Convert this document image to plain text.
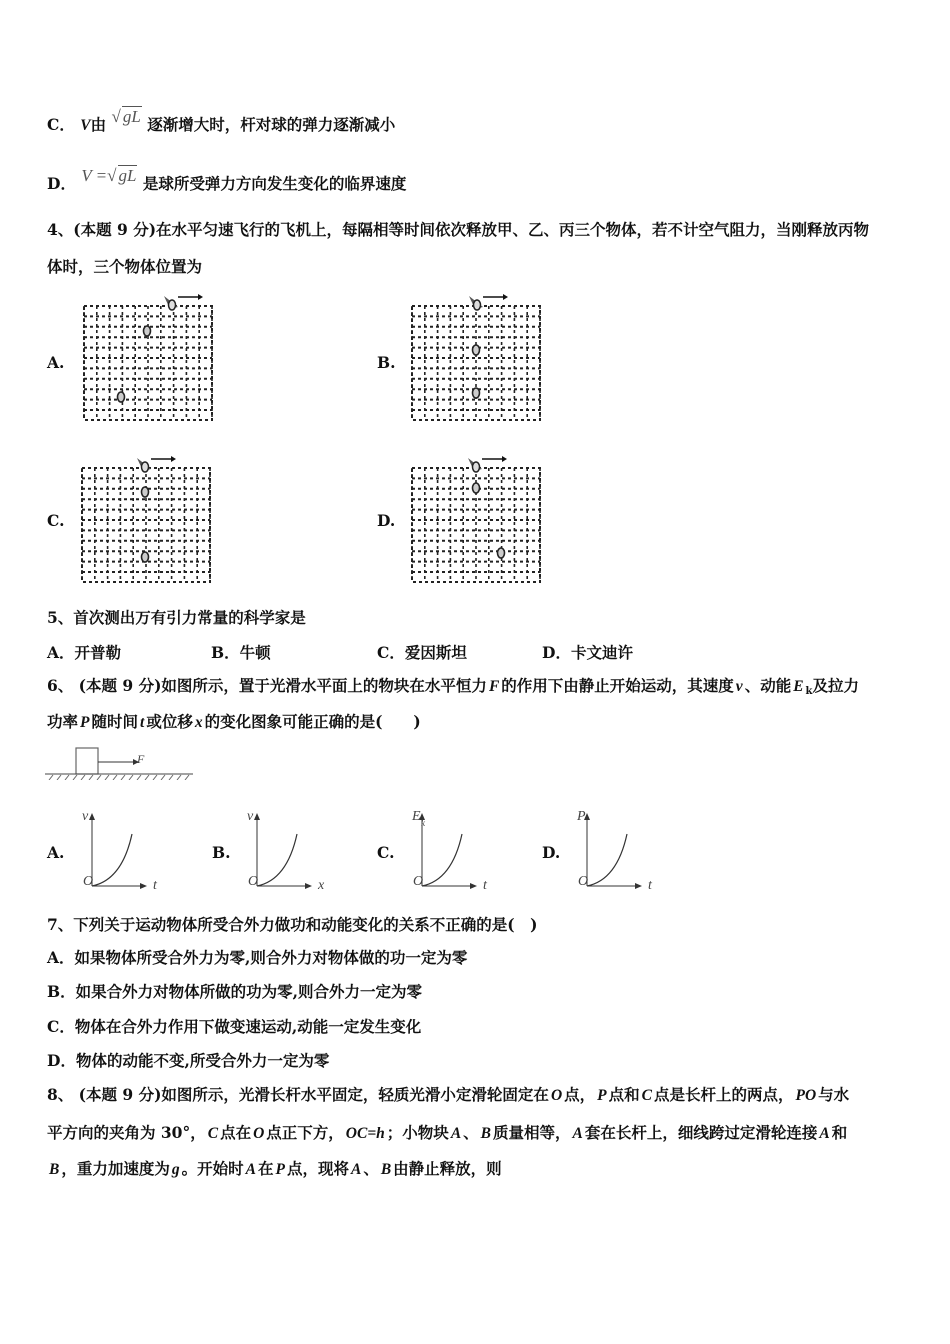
C． V由 √ gL 逐渐增大时，杆对球的弹力逐渐减小
D． V =√ gL 是球所受弹力方向发生变化的临界速度
4、(本题 9 分)在水平匀速飞行的飞机上，每隔相等时间依次释放甲、乙、丙三个物体，若不计空气阻力，当刚释放丙物
体时，三个物体位置为
A.	B.
C.	D.
5、首次测出万有引力常量的科学家是
A．开普勒	B．牛顿	C．爱因斯坦	D．卡文迪许
6、 (本题 9 分)如图所示，置于光滑水平面上的物块在水平恒力 F 的作用下由静止开始运动，其速度 v 、动能 E $_k$及拉力
功率 P 随时间 t 或位移 x 的变化图象可能正确的是(　　)
F
A.
v
O	t
B.
v
O	x
C.
E k
O	t
D.
P
O	t
7、下列关于运动物体所受合外力做功和动能变化的关系不正确的是(　)
A．如果物体所受合外力为零,则合外力对物体做的功一定为零
B．如果合外力对物体所做的功为零,则合外力一定为零
C．物体在合外力作用下做变速运动,动能一定发生变化
D．物体的动能不变,所受合外力一定为零
8、 (本题 9 分)如图所示，光滑长杆水平固定，轻质光滑小定滑轮固定在 O 点， P 点和 C 点是长杆上的两点， PO 与水
平方向的夹角为 30°， C 点在 O 点正下方， OC=h ；小物块 A 、 B 质量相等， A 套在长杆上，细线跨过定滑轮连接 A 和
B ，重力加速度为 g 。开始时 A 在 P 点，现将 A 、 B 由静止释放，则
